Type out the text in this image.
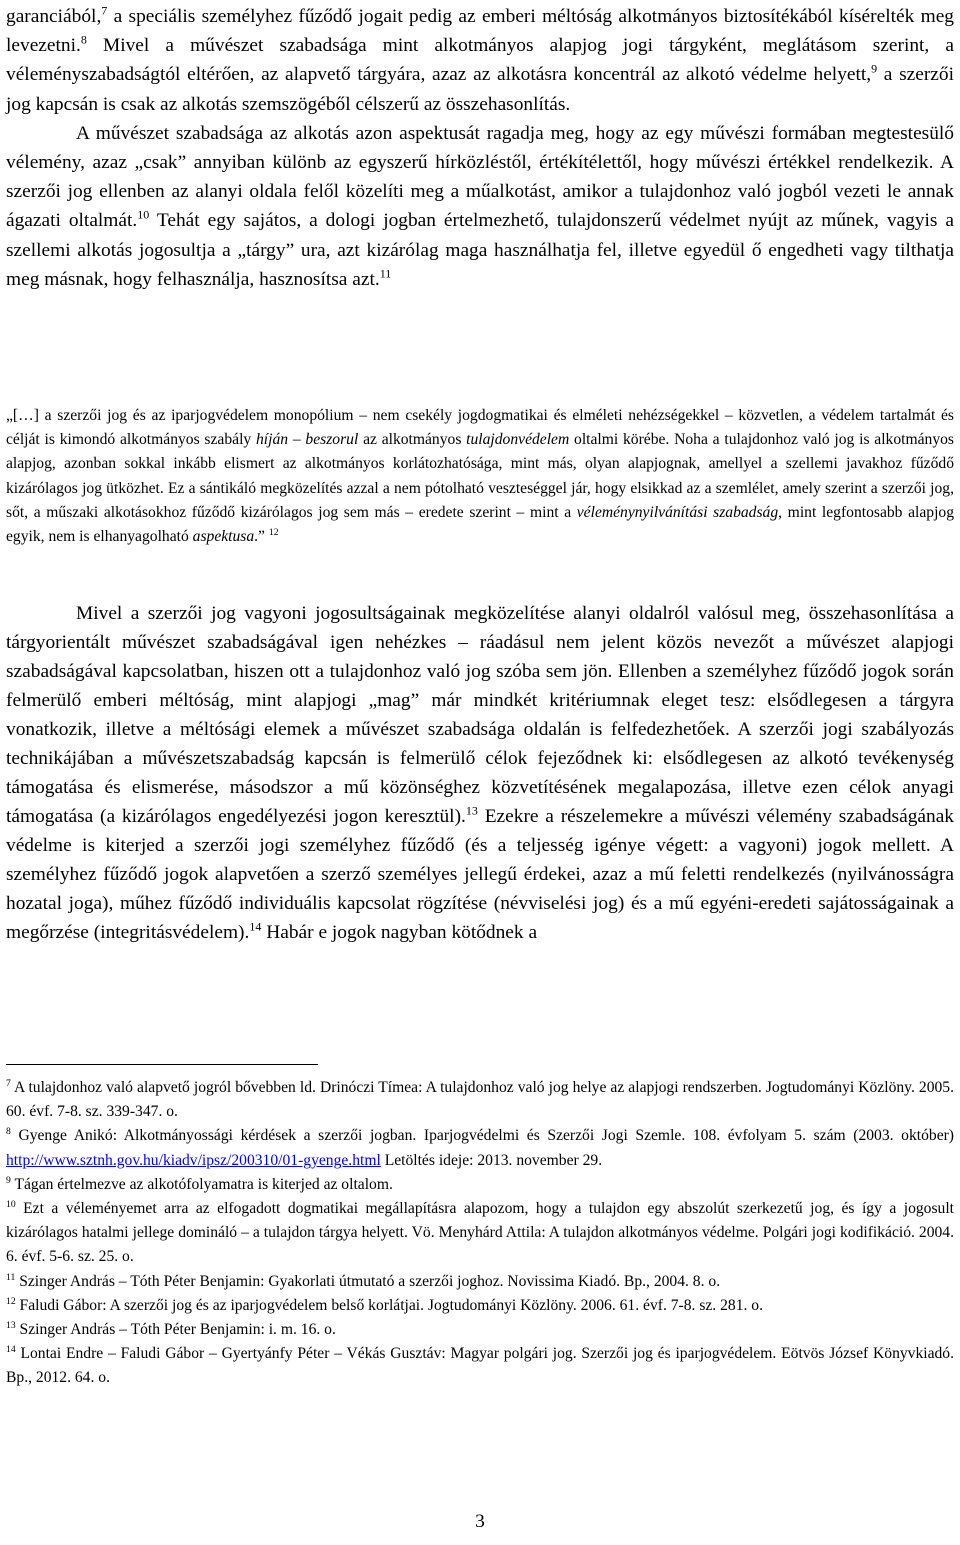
garanciából,$^7$ a speciális személyhez fűződő jogait pedig az emberi méltóság alkotmányos biztosítékából kísérelték meg levezetni.$^8$ Mivel a művészet szabadsága mint alkotmányos alapjog jogi tárgyként, meglátásom szerint, a véleményszabadságtól eltérően, az alapvető tárgyára, azaz az alkotásra koncentrál az alkotó védelme helyett,$^9$ a szerzői jog kapcsán is csak az alkotás szemszögéből célszerű az összehasonlítás.

A művészet szabadsága az alkotás azon aspektusát ragadja meg, hogy az egy művészi formában megtestesülő vélemény, azaz „csak” annyiban különb az egyszerű hírközléstől, értékítélettől, hogy művészi értékkel rendelkezik. A szerzői jog ellenben az alanyi oldala felől közelíti meg a műalkotást, amikor a tulajdonhoz való jogból vezeti le annak ágazati oltalmát.$^{10}$ Tehát egy sajátos, a dologi jogban értelmezhető, tulajdonszerű védelmet nyújt az műnek, vagyis a szellemi alkotás jogosultja a „tárgy” ura, azt kizárólag maga használhatja fel, illetve egyedül ő engedheti vagy tilthatja meg másnak, hogy felhasználja, hasznosítsa azt.$^{11}$

„[…] a szerzői jog és az iparjogvédelem monopólium – nem csekély jogdogmatikai és elméleti nehézségekkel – közvetlen, a védelem tartalmát és célját is kimondó alkotmányos szabály híján – beszorul az alkotmányos tulajdonvédelem oltalmi körébe. Noha a tulajdonhoz való jog is alkotmányos alapjog, azonban sokkal inkább elismert az alkotmányos korlátozhatósága, mint más, olyan alapjognak, amellyel a szellemi javakhoz fűződő kizárólagos jog ütközhet. Ez a sántikáló megközelítés azzal a nem pótolható veszteséggel jár, hogy elsikkad az a szemlélet, amely szerint a szerzői jog, sőt, a műszaki alkotásokhoz fűződő kizárólagos jog sem más – eredete szerint – mint a véleménynyilvánítási szabadság, mint legfontosabb alapjog egyik, nem is elhanyagolható aspektusa.” $^{12}$

Mivel a szerzői jog vagyoni jogosultságainak megközelítése alanyi oldalról valósul meg, összehasonlítása a tárgyorientált művészet szabadságával igen nehézkes – ráadásul nem jelent közös nevezőt a művészet alapjogi szabadságával kapcsolatban, hiszen ott a tulajdonhoz való jog szóba sem jön. Ellenben a személyhez fűződő jogok során felmerülő emberi méltóság, mint alapjogi „mag” már mindkét kritériumnak eleget tesz: elsődlegesen a tárgyra vonatkozik, illetve a méltósági elemek a művészet szabadsága oldalán is felfedezhetőek. A szerzői jogi szabályozás technikájában a művészetszabadság kapcsán is felmerülő célok fejeződnek ki: elsődlegesen az alkotó tevékenység támogatása és elismerése, másodszor a mű közönséghez közvetítésének megalapozása, illetve ezen célok anyagi támogatása (a kizárólagos engedélyezési jogon keresztül).$^{13}$ Ezekre a részelemekre a művészi vélemény szabadságának védelme is kiterjed a szerzői jogi személyhez fűződő (és a teljesség igénye végett: a vagyoni) jogok mellett. A személyhez fűződő jogok alapvetően a szerző személyes jellegű érdekei, azaz a mű feletti rendelkezés (nyilvánosságra hozatal joga), műhez fűződő individuális kapcsolat rögzítése (névviselési jog) és a mű egyéni-eredeti sajátosságainak a megőrzése (integritásvédelem).$^{14}$ Habár e jogok nagyban kötődnek a

$^7$ A tulajdonhoz való alapvető jogról bővebben ld. Drinóczi Tímea: A tulajdonhoz való jog helye az alapjogi rendszerben. Jogtudományi Közlöny. 2005. 60. évf. 7-8. sz. 339-347. o.

$^8$ Gyenge Anikó: Alkotmányossági kérdések a szerzői jogban. Iparjogvédelmi és Szerzői Jogi Szemle. 108. évfolyam 5. szám (2003. október) http://www.sztnh.gov.hu/kiadv/ipsz/200310/01-gyenge.html Letöltés ideje: 2013. november 29.

$^9$ Tágan értelmezve az alkotófolyamatra is kiterjed az oltalom.

$^{10}$ Ezt a véleményemet arra az elfogadott dogmatikai megállapításra alapozom, hogy a tulajdon egy abszolút szerkezetű jog, és így a jogosult kizárólagos hatalmi jellege domináló – a tulajdon tárgya helyett. Vö. Menyhárd Attila: A tulajdon alkotmányos védelme. Polgári jogi kodifikáció. 2004. 6. évf. 5-6. sz. 25. o.

$^{11}$ Szinger András – Tóth Péter Benjamin: Gyakorlati útmutató a szerzői joghoz. Novissima Kiadó. Bp., 2004. 8. o.

$^{12}$ Faludi Gábor: A szerzői jog és az iparjogvédelem belső korlátjai. Jogtudományi Közlöny. 2006. 61. évf. 7-8. sz. 281. o.

$^{13}$ Szinger András – Tóth Péter Benjamin: i. m. 16. o.

$^{14}$ Lontai Endre – Faludi Gábor – Gyertyánfy Péter – Vékás Gusztáv: Magyar polgári jog. Szerzői jog és iparjogvédelem. Eötvös József Könyvkiadó. Bp., 2012. 64. o.

3
